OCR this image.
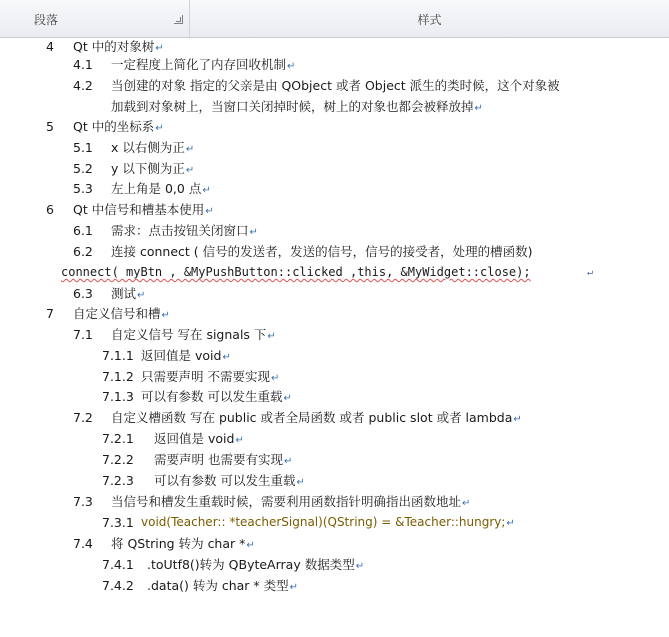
段落	样式
4 Qt 中的对象树↵
4.1 一定程度上简化了内存回收机制↵
4.2 当创建的对象 指定的父亲是由 QObject 或者 Object 派生的类时候，这个对象被
加载到对象树上，当窗口关闭掉时候，树上的对象也都会被释放掉↵
5 Qt 中的坐标系↵
5.1 x 以右侧为正↵
5.2 y 以下侧为正↵
5.3 左上角是 0,0 点↵
6 Qt 中信号和槽基本使用↵
6.1 需求：点击按钮关闭窗口↵
6.2 连接 connect ( 信号的发送者，发送的信号，信号的接受者，处理的槽函数)
connect( myBtn , &MyPushButton::clicked ,this, &MyWidget::close);	↵
6.3 测试↵
7 自定义信号和槽↵
7.1 自定义信号 写在 signals 下↵
7.1.1 返回值是 void↵
7.1.2 只需要声明 不需要实现↵
7.1.3 可以有参数 可以发生重载↵
7.2 自定义槽函数 写在 public 或者全局函数 或者 public slot 或者 lambda↵
7.2.1 返回值是 void↵
7.2.2 需要声明 也需要有实现↵
7.2.3 可以有参数 可以发生重载↵
7.3 当信号和槽发生重载时候，需要利用函数指针明确指出函数地址↵
7.3.1 void(Teacher:: *teacherSignal)(QString) = &Teacher::hungry;↵
7.4 将 QString 转为 char *↵
7.4.1 .toUtf8()转为 QByteArray 数据类型↵
7.4.2 .data() 转为 char * 类型↵
